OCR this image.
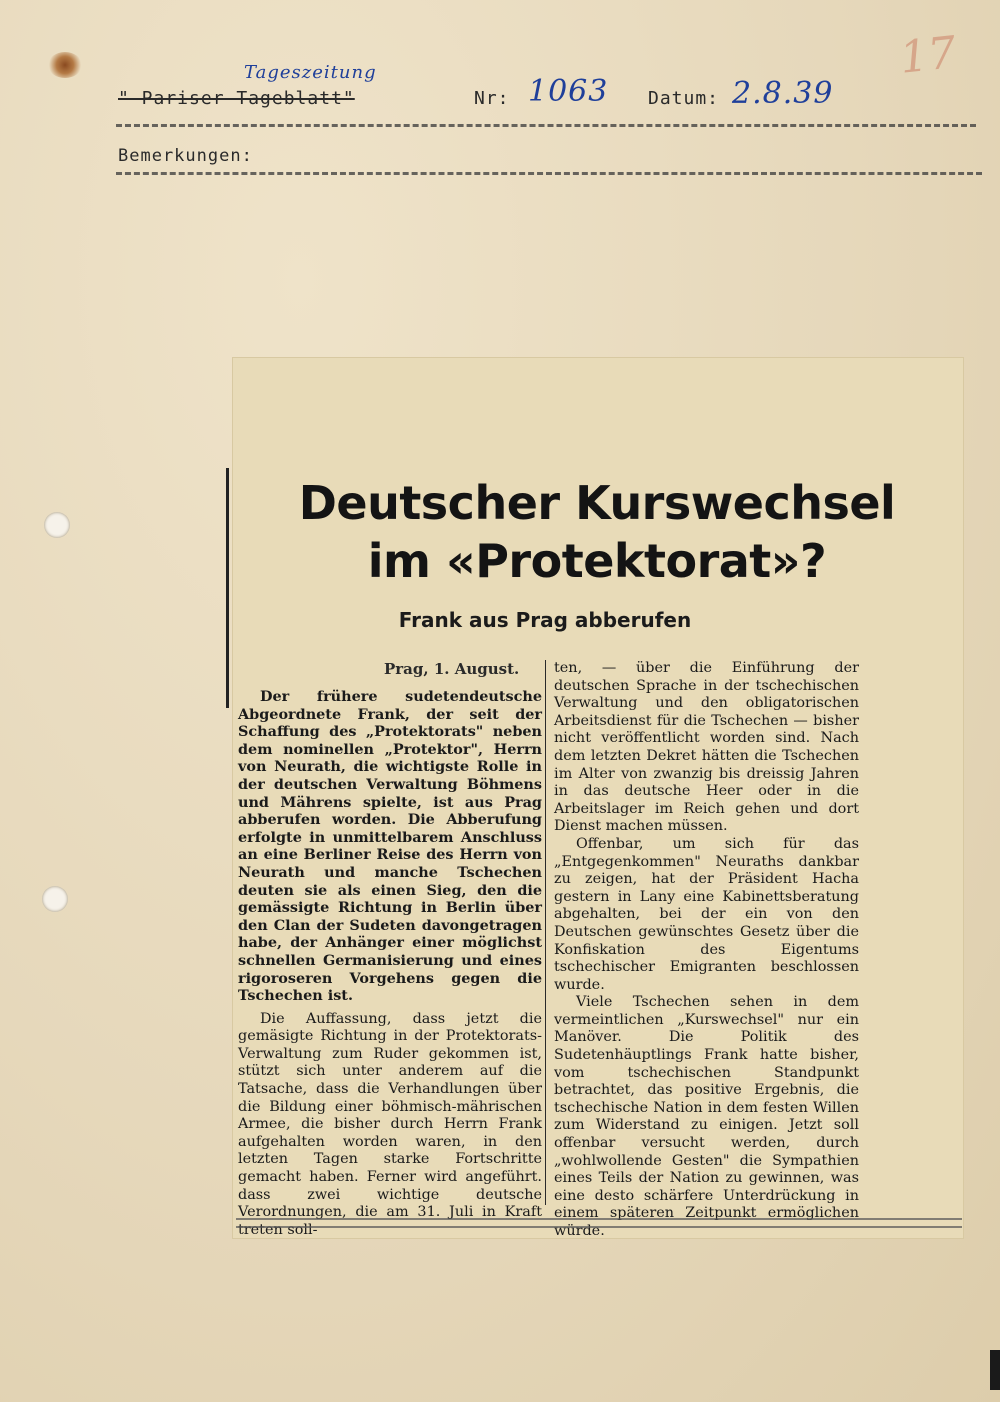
17
" Pariser Tageblatt"
Tageszeitung
Nr: 1063 Datum: 2.8.39
Bemerkungen:
Deutscher Kurswechsel
im «Protektorat»?
Frank aus Prag abberufen
Prag, 1. August.

Der frühere sudetendeutsche Abgeordnete Frank, der seit der Schaffung des „Protektorats" neben dem nominellen „Protektor", Herrn von Neurath, die wichtigste Rolle in der deutschen Verwaltung Böhmens und Mährens spielte, ist aus Prag abberufen worden. Die Abberufung erfolgte in unmittelbarem Anschluss an eine Berliner Reise des Herrn von Neurath und manche Tschechen deuten sie als einen Sieg, den die gemässigte Richtung in Berlin über den Clan der Sudeten davongetragen habe, der Anhänger einer möglichst schnellen Germanisierung und eines rigoroseren Vorgehens gegen die Tschechen ist.

Die Auffassung, dass jetzt die gemäsigte Richtung in der Protektorats-Verwaltung zum Ruder gekommen ist, stützt sich unter anderem auf die Tatsache, dass die Verhandlungen über die Bildung einer böhmisch-mährischen Armee, die bisher durch Herrn Frank aufgehalten worden waren, in den letzten Tagen starke Fortschritte gemacht haben. Ferner wird angeführt. dass zwei wichtige deutsche Verordnungen, die am 31. Juli in Kraft treten soll-

ten, — über die Einführung der deutschen Sprache in der tschechischen Verwaltung und den obligatorischen Arbeitsdienst für die Tschechen — bisher nicht veröffentlicht worden sind. Nach dem letzten Dekret hätten die Tschechen im Alter von zwanzig bis dreissig Jahren in das deutsche Heer oder in die Arbeitslager im Reich gehen und dort Dienst machen müssen.

Offenbar, um sich für das „Entgegenkommen" Neuraths dankbar zu zeigen, hat der Präsident Hacha gestern in Lany eine Kabinettsberatung abgehalten, bei der ein von den Deutschen gewünschtes Gesetz über die Konfiskation des Eigentums tschechischer Emigranten beschlossen wurde.

Viele Tschechen sehen in dem vermeintlichen „Kurswechsel" nur ein Manöver. Die Politik des Sudetenhäuptlings Frank hatte bisher, vom tschechischen Standpunkt betrachtet, das positive Ergebnis, die tschechische Nation in dem festen Willen zum Widerstand zu einigen. Jetzt soll offenbar versucht werden, durch „wohlwollende Gesten" die Sympathien eines Teils der Nation zu gewinnen, was eine desto schärfere Unterdrückung in einem späteren Zeitpunkt ermöglichen würde.
